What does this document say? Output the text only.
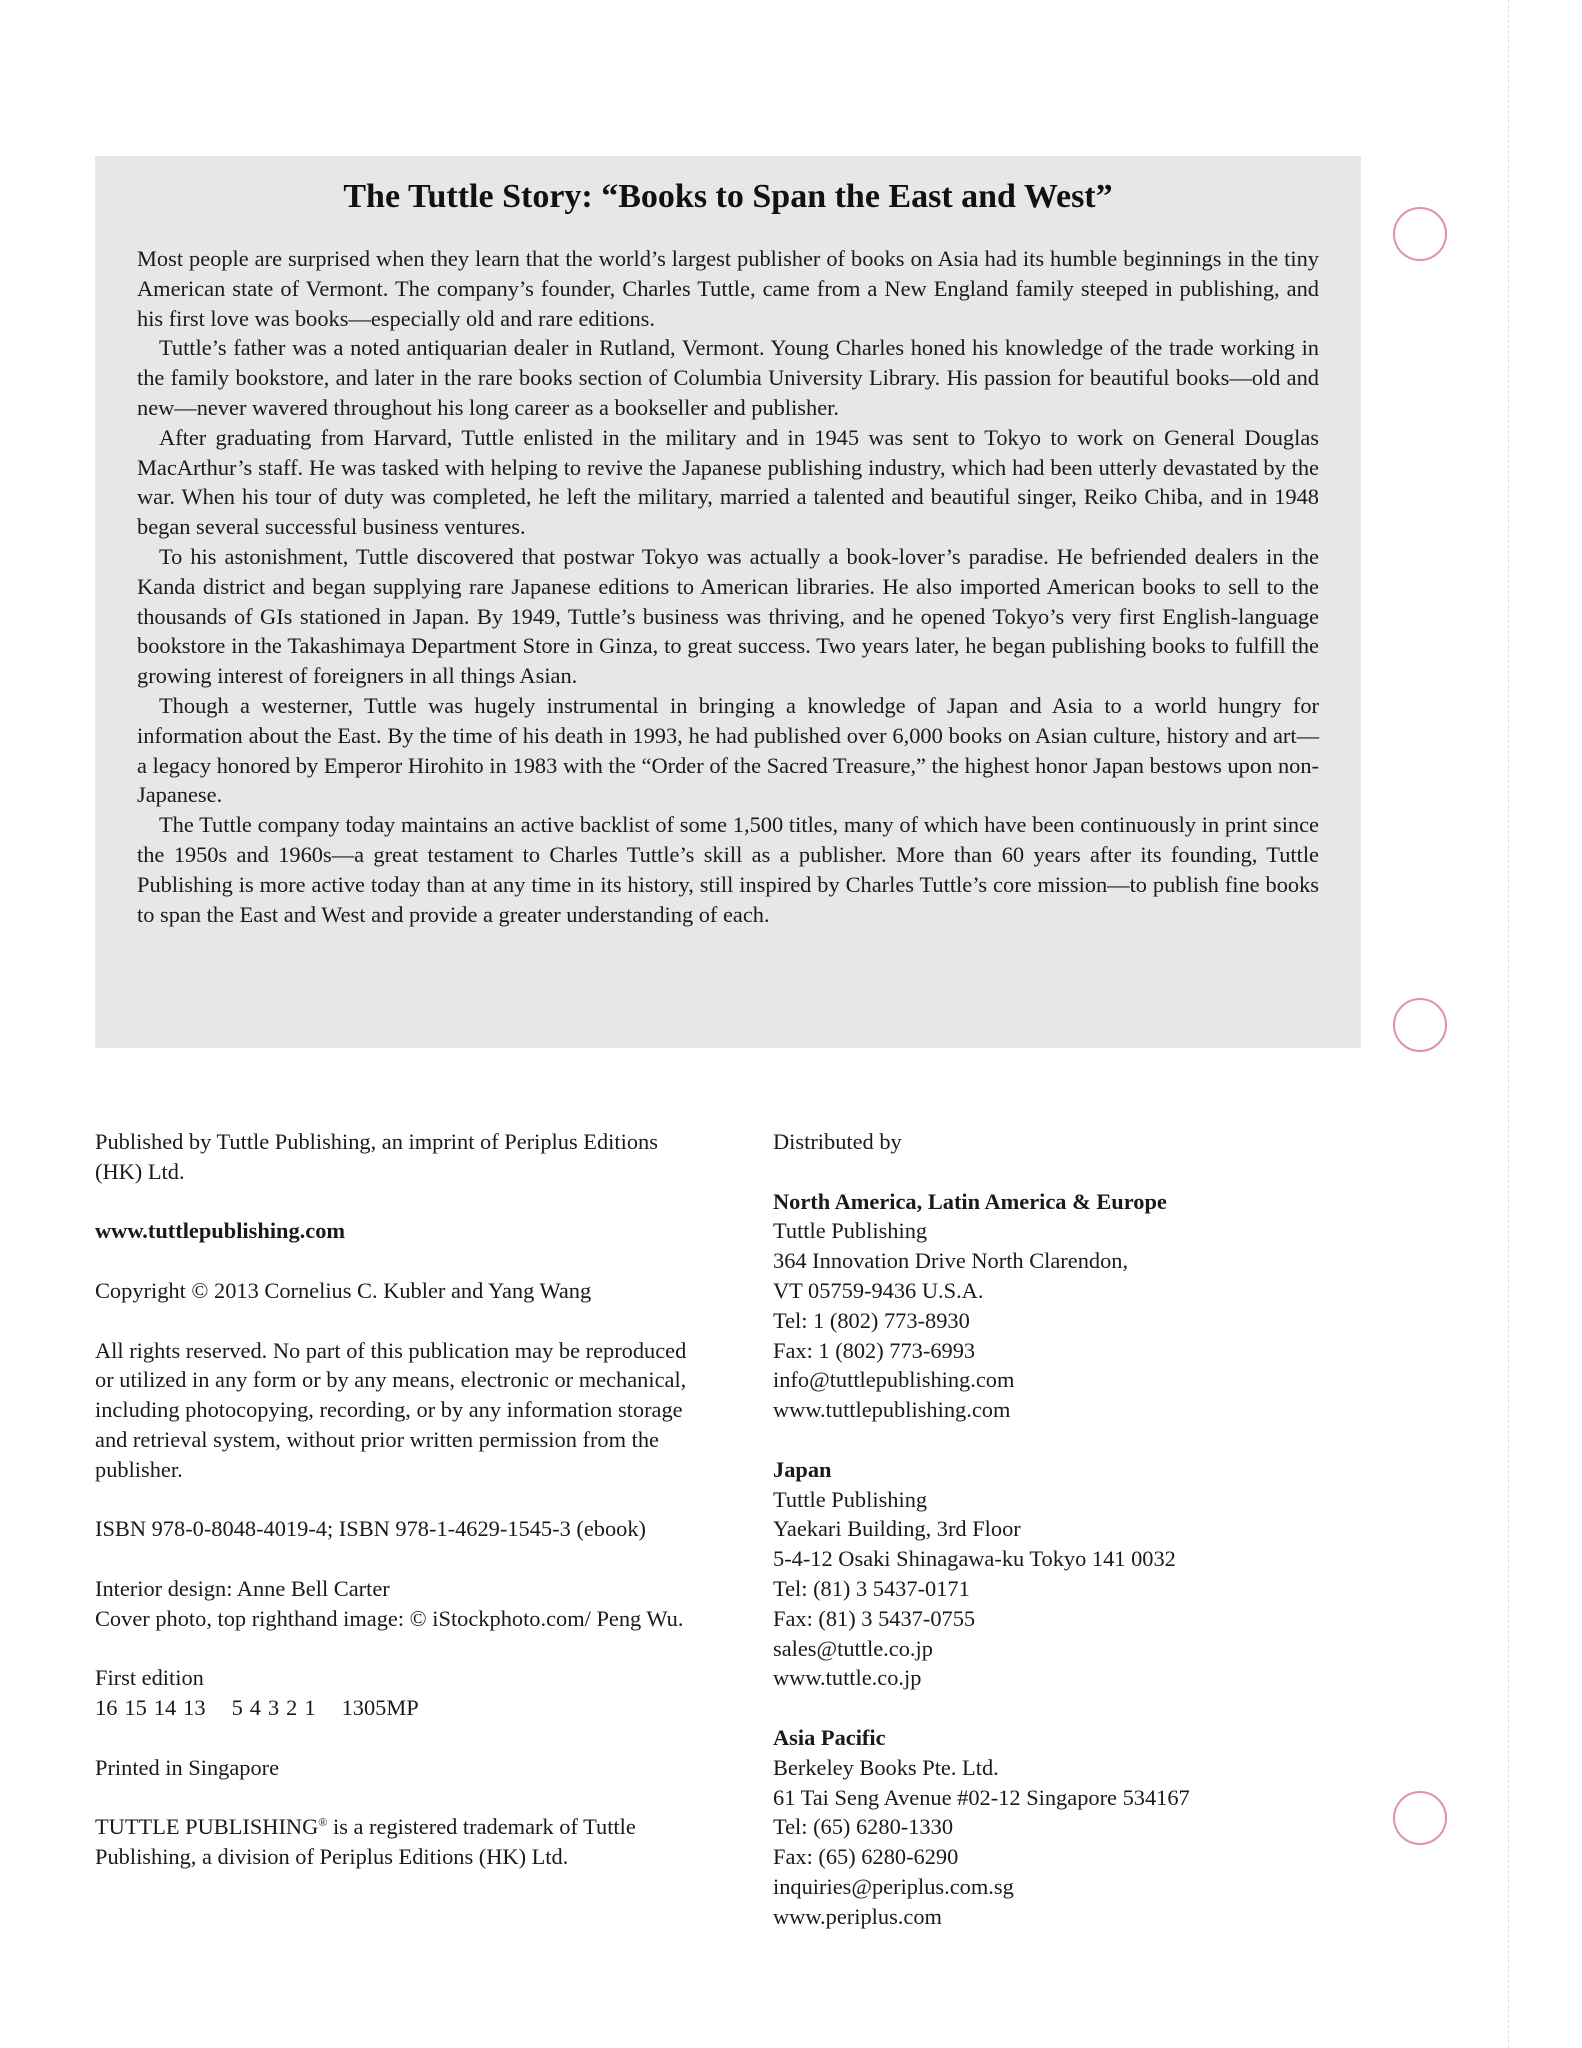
The Tuttle Story: “Books to Span the East and West”

Most people are surprised when they learn that the world’s largest publisher of books on Asia had its humble beginnings in the tiny American state of Vermont. The company’s founder, Charles Tuttle, came from a New England family steeped in publishing, and his first love was books—especially old and rare editions.

Tuttle’s father was a noted antiquarian dealer in Rutland, Vermont. Young Charles honed his knowledge of the trade working in the family bookstore, and later in the rare books section of Columbia University Library. His passion for beautiful books—old and new—never wavered throughout his long career as a bookseller and publisher.

After graduating from Harvard, Tuttle enlisted in the military and in 1945 was sent to Tokyo to work on General Douglas MacArthur’s staff. He was tasked with helping to revive the Japanese publishing industry, which had been utterly devastated by the war. When his tour of duty was completed, he left the military, married a talented and beautiful singer, Reiko Chiba, and in 1948 began several successful business ventures.

To his astonishment, Tuttle discovered that postwar Tokyo was actually a book-lover’s paradise. He befriended dealers in the Kanda district and began supplying rare Japanese editions to American libraries. He also imported American books to sell to the thousands of GIs stationed in Japan. By 1949, Tuttle’s business was thriving, and he opened Tokyo’s very first English-language bookstore in the Takashimaya Department Store in Ginza, to great success. Two years later, he began publishing books to fulfill the growing interest of foreigners in all things Asian.

Though a westerner, Tuttle was hugely instrumental in bringing a knowledge of Japan and Asia to a world hungry for information about the East. By the time of his death in 1993, he had published over 6,000 books on Asian culture, history and art—a legacy honored by Emperor Hirohito in 1983 with the “Order of the Sacred Treasure,” the highest honor Japan bestows upon non-Japanese.

The Tuttle company today maintains an active backlist of some 1,500 titles, many of which have been continuously in print since the 1950s and 1960s—a great testament to Charles Tuttle’s skill as a publisher. More than 60 years after its founding, Tuttle Publishing is more active today than at any time in its history, still inspired by Charles Tuttle’s core mission—to publish fine books to span the East and West and provide a greater understanding of each.

Published by Tuttle Publishing, an imprint of Periplus Editions (HK) Ltd.

www.tuttlepublishing.com

Copyright © 2013 Cornelius C. Kubler and Yang Wang

All rights reserved. No part of this publication may be reproduced or utilized in any form or by any means, electronic or mechanical, including photocopying, recording, or by any information storage and retrieval system, without prior written permission from the publisher.

ISBN 978-0-8048-4019-4; ISBN 978-1-4629-1545-3 (ebook)

Interior design: Anne Bell Carter

Cover photo, top righthand image: © iStockphoto.com/ Peng Wu.

First edition

16 15 14 13 5 4 3 2 1 1305MP

Printed in Singapore

TUTTLE PUBLISHING® is a registered trademark of Tuttle Publishing, a division of Periplus Editions (HK) Ltd.

Distributed by

North America, Latin America & Europe

Tuttle Publishing

364 Innovation Drive North Clarendon,

VT 05759-9436 U.S.A.

Tel: 1 (802) 773-8930

Fax: 1 (802) 773-6993

info@tuttlepublishing.com

www.tuttlepublishing.com

Japan

Tuttle Publishing

Yaekari Building, 3rd Floor

5-4-12 Osaki Shinagawa-ku Tokyo 141 0032

Tel: (81) 3 5437-0171

Fax: (81) 3 5437-0755

sales@tuttle.co.jp

www.tuttle.co.jp

Asia Pacific

Berkeley Books Pte. Ltd.

61 Tai Seng Avenue #02-12 Singapore 534167

Tel: (65) 6280-1330

Fax: (65) 6280-6290

inquiries@periplus.com.sg

www.periplus.com
